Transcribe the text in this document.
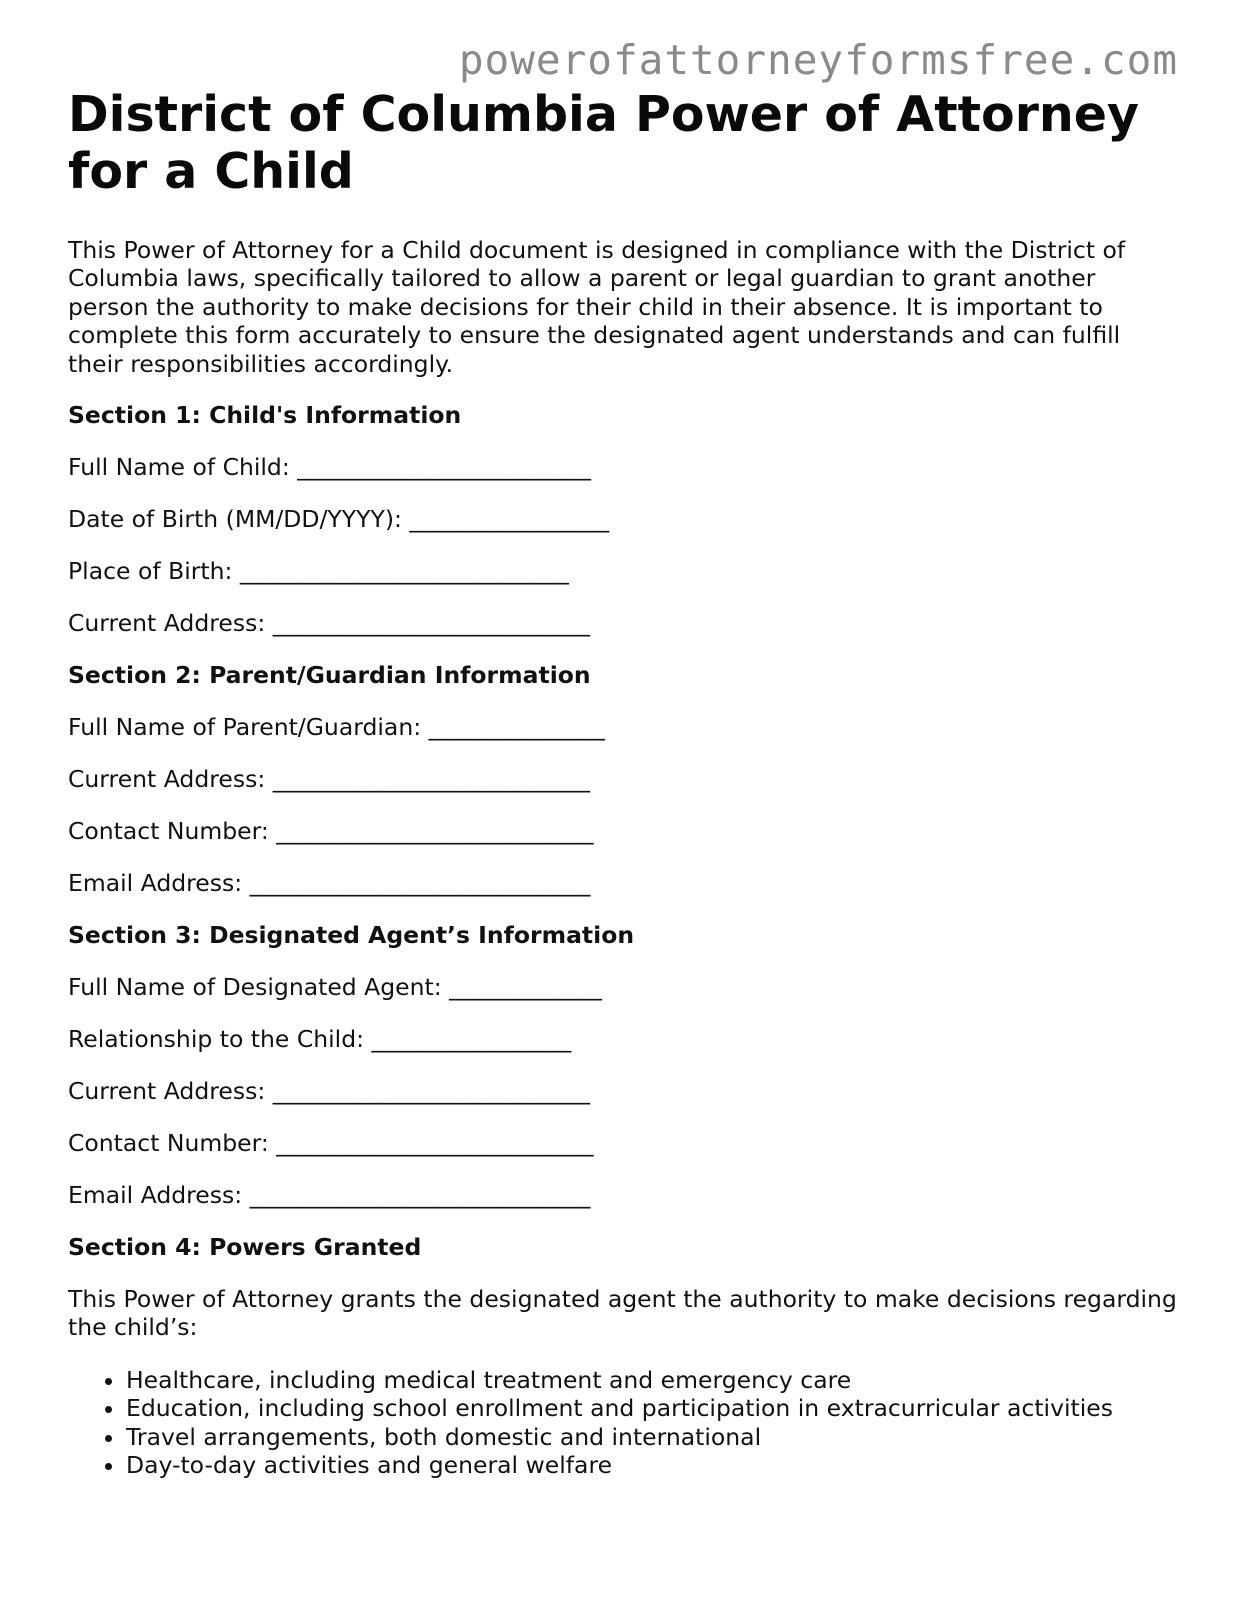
powerofattorneyformsfree.com
District of Columbia Power of Attorney for a Child

This Power of Attorney for a Child document is designed in compliance with the District of Columbia laws, specifically tailored to allow a parent or legal guardian to grant another person the authority to make decisions for their child in their absence. It is important to complete this form accurately to ensure the designated agent understands and can fulfill their responsibilities accordingly.

Section 1: Child's Information
Full Name of Child: _________________________
Date of Birth (MM/DD/YYYY): _________________
Place of Birth: ____________________________
Current Address: ___________________________
Section 2: Parent/Guardian Information
Full Name of Parent/Guardian: _______________
Current Address: ___________________________
Contact Number: ___________________________
Email Address: _____________________________
Section 3: Designated Agent’s Information
Full Name of Designated Agent: _____________
Relationship to the Child: _________________
Current Address: ___________________________
Contact Number: ___________________________
Email Address: _____________________________
Section 4: Powers Granted

This Power of Attorney grants the designated agent the authority to make decisions regarding the child’s:

• Healthcare, including medical treatment and emergency care
• Education, including school enrollment and participation in extracurricular activities
• Travel arrangements, both domestic and international
• Day-to-day activities and general welfare
